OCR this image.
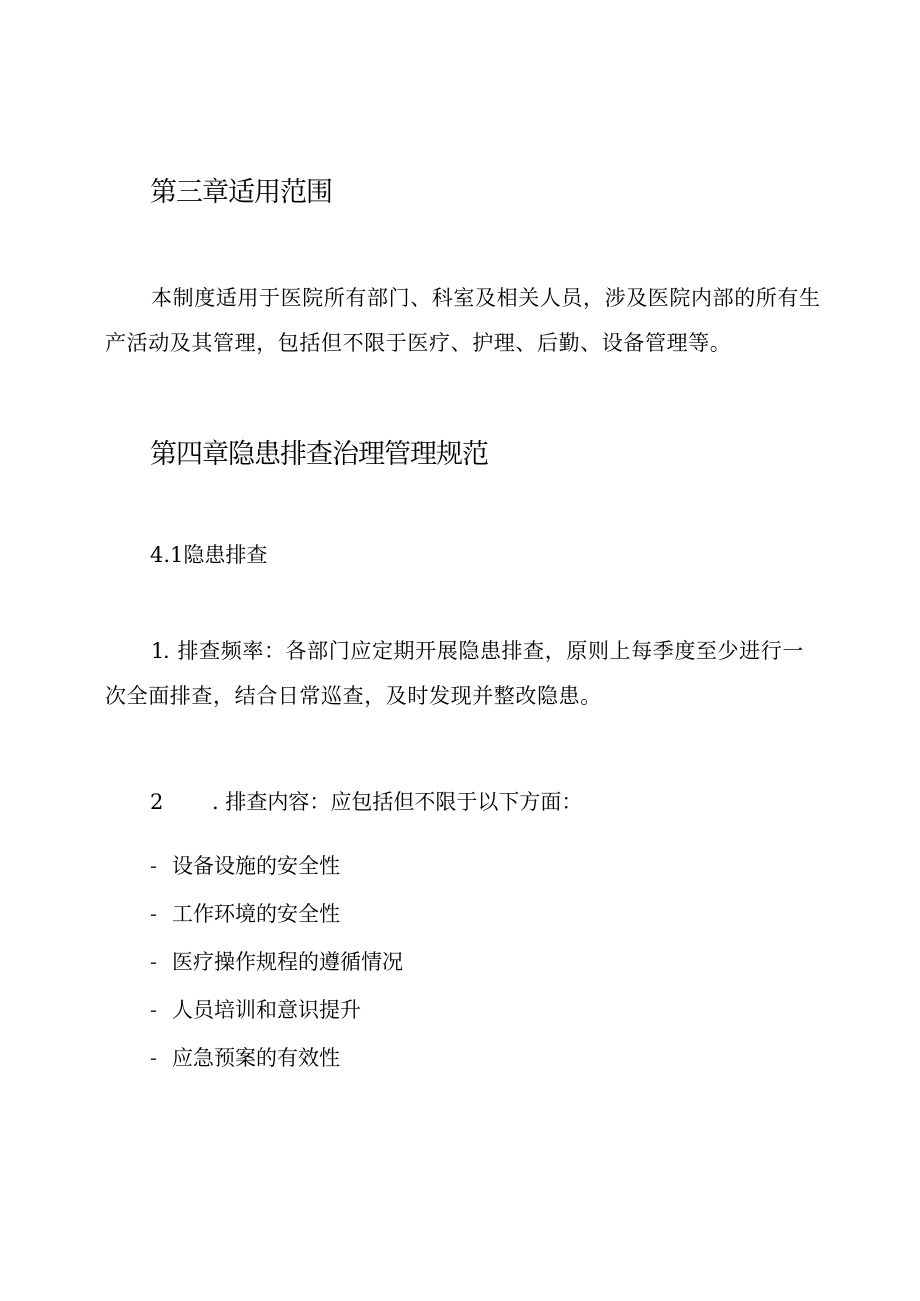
第三章适用范围

本制度适用于医院所有部门、科室及相关人员，涉及医院内部的所有生产活动及其管理，包括但不限于医疗、护理、后勤、设备管理等。

第四章隐患排查治理管理规范

4.1隐患排查

1. 排查频率：各部门应定期开展隐患排查，原则上每季度至少进行一次全面排查，结合日常巡查，及时发现并整改隐患。

2 . 排查内容：应包括但不限于以下方面：

- 设备设施的安全性
- 工作环境的安全性
- 医疗操作规程的遵循情况
- 人员培训和意识提升
- 应急预案的有效性
